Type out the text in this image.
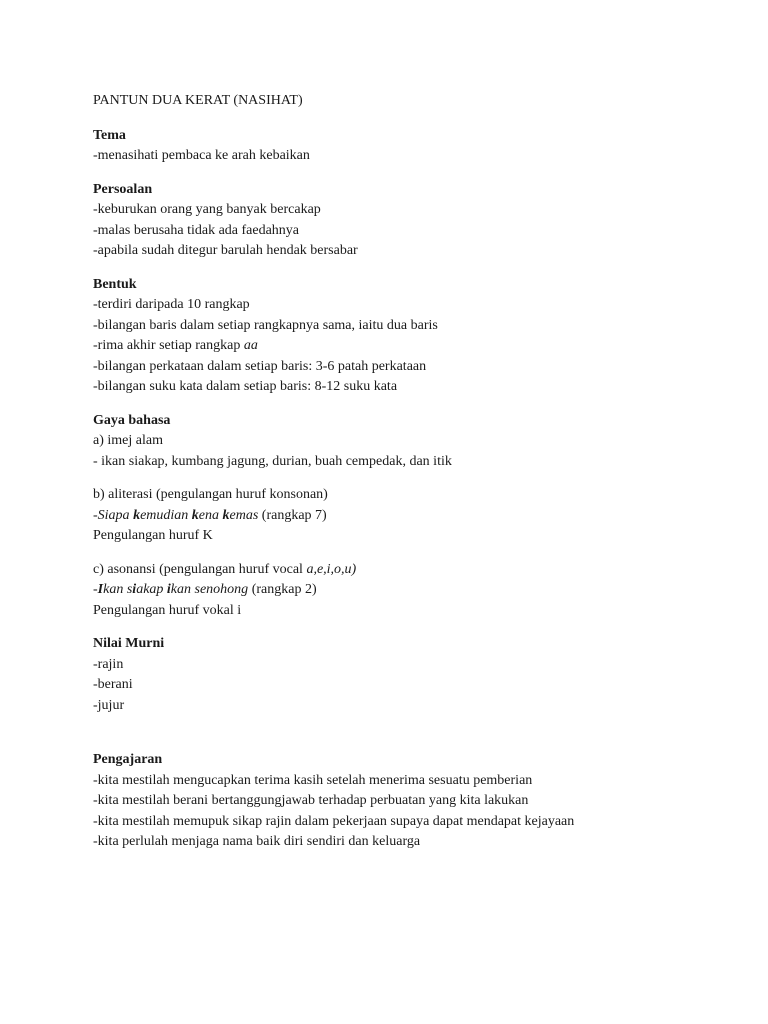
PANTUN DUA KERAT (NASIHAT)

Tema

-menasihati pembaca ke arah kebaikan

Persoalan

-keburukan orang yang banyak bercakap

-malas berusaha tidak ada faedahnya

-apabila sudah ditegur barulah hendak bersabar

Bentuk

-terdiri daripada 10 rangkap

-bilangan baris dalam setiap rangkapnya sama, iaitu dua baris

-rima akhir setiap rangkap aa

-bilangan perkataan dalam setiap baris: 3-6 patah perkataan

-bilangan suku kata dalam setiap baris: 8-12 suku kata

Gaya bahasa

a) imej alam

- ikan siakap, kumbang jagung, durian, buah cempedak, dan itik

b) aliterasi (pengulangan huruf konsonan)

-Siapa kemudian kena kemas (rangkap 7)

Pengulangan huruf K

c) asonansi (pengulangan huruf vocal a,e,i,o,u)

-Ikan siakap ikan senohong (rangkap 2)

Pengulangan huruf vokal i

Nilai Murni

-rajin

-berani

-jujur

Pengajaran

-kita mestilah mengucapkan terima kasih setelah menerima sesuatu pemberian

-kita mestilah berani bertanggungjawab terhadap perbuatan yang kita lakukan

-kita mestilah memupuk sikap rajin dalam pekerjaan supaya dapat mendapat kejayaan

-kita perlulah menjaga nama baik diri sendiri dan keluarga
